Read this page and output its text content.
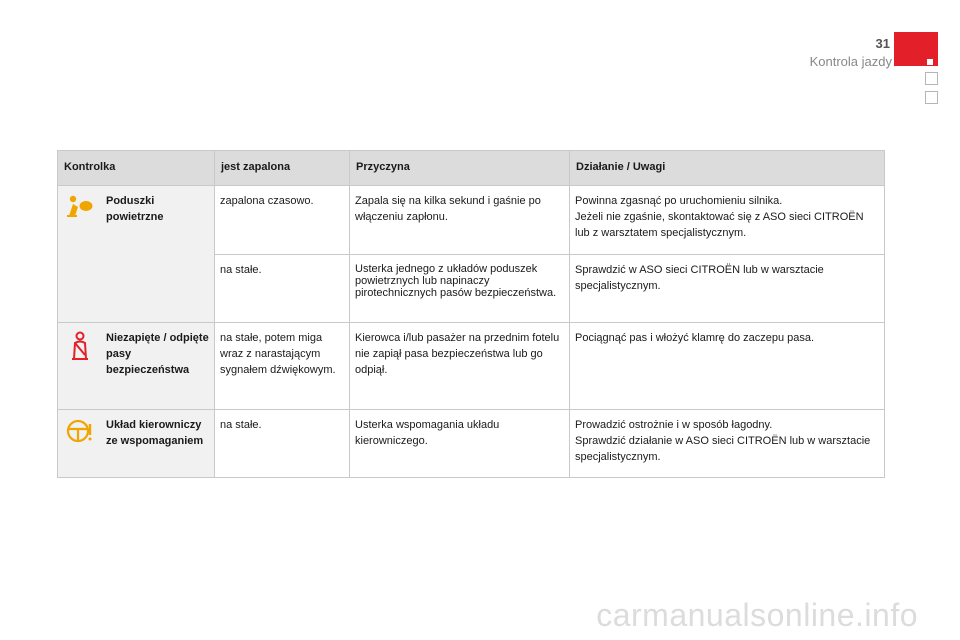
31
Kontrola jazdy
Kontrolka		jest zapalona	Przyczyna	Działanie / Uwagi

	Poduszki powietrzne	zapalona czasowo.	Zapala się na kilka sekund i gaśnie po włączeniu zapłonu.	Powinna zgasnąć po uruchomieniu silnika.

Jeżeli nie zgaśnie, skontaktować się z ASO sieci CITROËN lub z warsztatem specjalistycznym.

		na stałe.	Usterka jednego z układów poduszek powietrznych lub napinaczy pirotechnicznych pasów bezpieczeństwa.	Sprawdzić w ASO sieci CITROËN lub w warsztacie specjalistycznym.

	Niezapięte / odpięte pasy bezpieczeństwa	na stałe, potem miga wraz z narastającym sygnałem dźwiękowym.	Kierowca i/lub pasażer na przednim fotelu nie zapiął pasa bezpieczeństwa lub go odpiął.	Pociągnąć pas i włożyć klamrę do zaczepu pasa.

	Układ kierowniczy ze wspomaganiem	na stałe.	Usterka wspomagania układu kierowniczego.	Prowadzić ostrożnie i w sposób łagodny.

Sprawdzić działanie w ASO sieci CITROËN lub w warsztacie specjalistycznym.

carmanualsonline.info
